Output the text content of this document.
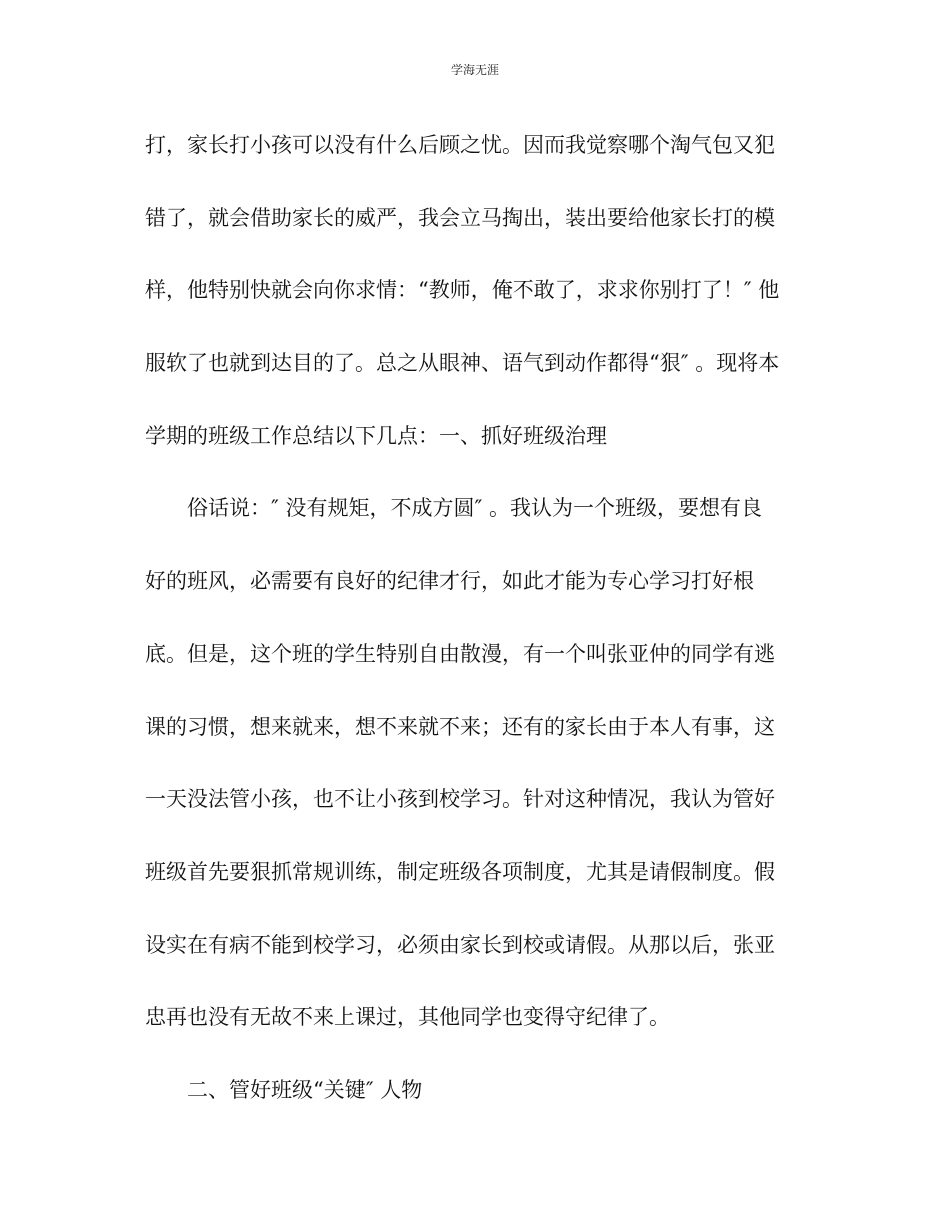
学海无涯
打，家长打小孩可以没有什么后顾之忧。因而我觉察哪个淘气包又犯
错了，就会借助家长的威严，我会立马掏出，装出要给他家长打的模
样，他特别快就会向你求情：“教师，俺不敢了，求求你别打了！″ 他
服软了也就到达目的了。总之从眼神、语气到动作都得“狠″ 。现将本
学期的班级工作总结以下几点：一、抓好班级治理
俗话说：″ 没有规矩，不成方圆″ 。我认为一个班级，要想有良
好的班风，必需要有良好的纪律才行，如此才能为专心学习打好根
底。但是，这个班的学生特别自由散漫，有一个叫张亚仲的同学有逃
课的习惯，想来就来，想不来就不来；还有的家长由于本人有事，这
一天没法管小孩，也不让小孩到校学习。针对这种情况，我认为管好
班级首先要狠抓常规训练，制定班级各项制度，尤其是请假制度。假
设实在有病不能到校学习，必须由家长到校或请假。从那以后，张亚
忠再也没有无故不来上课过，其他同学也变得守纪律了。
二、管好班级“关键″ 人物
